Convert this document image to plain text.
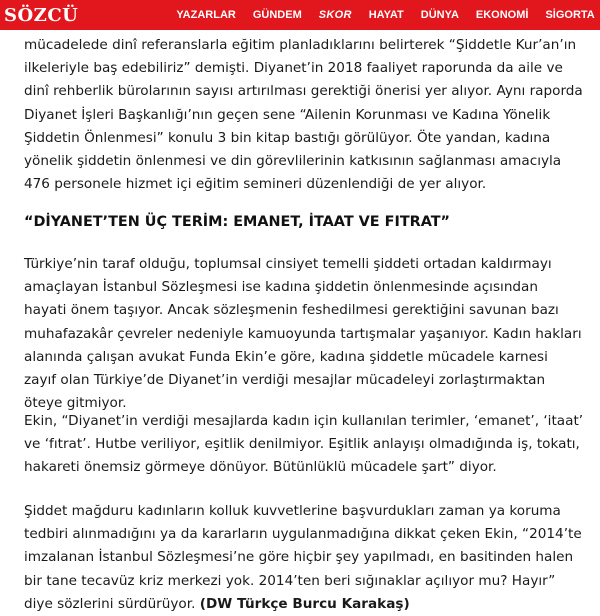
SÖZCÜ	YAZARLAR GÜNDEM SKOR HAYAT DÜNYA EKONOMİ SİGORTA

mücadelede dinî referanslarla eğitim planladıklarını belirterek “Şiddetle Kur’an’ın ilkeleriyle baş edebiliriz” demişti. Diyanet’in 2018 faaliyet raporunda da aile ve dinî rehberlik bürolarının sayısı artırılması gerektiği önerisi yer alıyor. Aynı raporda Diyanet İşleri Başkanlığı’nın geçen sene “Ailenin Korunması ve Kadına Yönelik Şiddetin Önlenmesi” konulu 3 bin kitap bastığı görülüyor. Öte yandan, kadına yönelik şiddetin önlenmesi ve din görevlilerinin katkısının sağlanması amacıyla 476 personele hizmet içi eğitim semineri düzenlendiği de yer alıyor.

“DİYANET’TEN ÜÇ TERİM: EMANET, İTAAT VE FITRAT”

Türkiye’nin taraf olduğu, toplumsal cinsiyet temelli şiddeti ortadan kaldırmayı amaçlayan İstanbul Sözleşmesi ise kadına şiddetin önlenmesinde açısından hayati önem taşıyor. Ancak sözleşmenin feshedilmesi gerektiğini savunan bazı muhafazakâr çevreler nedeniyle kamuoyunda tartışmalar yaşanıyor. Kadın hakları alanında çalışan avukat Funda Ekin’e göre, kadına şiddetle mücadele karnesi zayıf olan Türkiye’de Diyanet’in verdiği mesajlar mücadeleyi zorlaştırmaktan öteye gitmiyor.

Ekin, “Diyanet’in verdiği mesajlarda kadın için kullanılan terimler, ‘emanet’, ‘itaat’ ve ‘fıtrat’. Hutbe veriliyor, eşitlik denilmiyor. Eşitlik anlayışı olmadığında iş, tokatı, hakareti önemsiz görmeye dönüyor. Bütünlüklü mücadele şart” diyor.

Şiddet mağduru kadınların kolluk kuvvetlerine başvurdukları zaman ya koruma tedbiri alınmadığını ya da kararların uygulanmadığına dikkat çeken Ekin, “2014’te imzalanan İstanbul Sözleşmesi’ne göre hiçbir şey yapılmadı, en basitinden halen bir tane tecavüz kriz merkezi yok. 2014’ten beri sığınaklar açılıyor mu? Hayır” diye sözlerini sürdürüyor. (DW Türkçe Burcu Karakaş)
